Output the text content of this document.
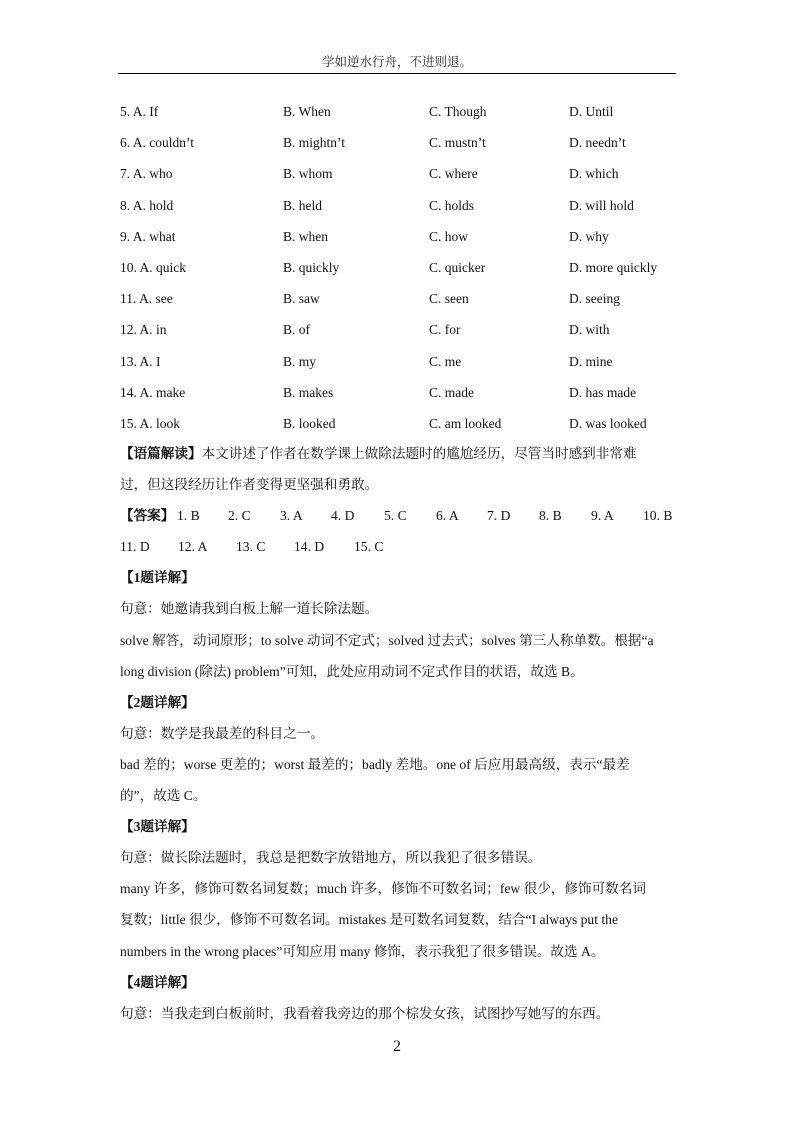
学如逆水行舟，不进则退。
5. A. If	B. When	C. Though	D. Until
6. A. couldn’t	B. mightn’t	C. mustn’t	D. needn’t
7. A. who	B. whom	C. where	D. which
8. A. hold	B. held	C. holds	D. will hold
9. A. what	B. when	C. how	D. why
10. A. quick	B. quickly	C. quicker	D. more quickly
11. A. see	B. saw	C. seen	D. seeing
12. A. in	B. of	C. for	D. with
13. A. I	B. my	C. me	D. mine
14. A. make	B. makes	C. made	D. has made
15. A. look	B. looked	C. am looked	D. was looked
【语篇解读】本文讲述了作者在数学课上做除法题时的尴尬经历，尽管当时感到非常难
过，但这段经历让作者变得更坚强和勇敢。
【答案】 1. B 2. C 3. A 4. D 5. C 6. A 7. D 8. B 9. A 10. B
11. D 12. A 13. C 14. D 15. C
【1题详解】
句意：她邀请我到白板上解一道长除法题。
solve 解答，动词原形；to solve 动词不定式；solved 过去式；solves 第三人称单数。根据“a
long division (除法) problem”可知，此处应用动词不定式作目的状语，故选 B。
【2题详解】
句意：数学是我最差的科目之一。
bad 差的；worse 更差的；worst 最差的；badly 差地。one of 后应用最高级，表示“最差
的”，故选 C。
【3题详解】
句意：做长除法题时，我总是把数字放错地方，所以我犯了很多错误。
many 许多，修饰可数名词复数；much 许多，修饰不可数名词；few 很少，修饰可数名词
复数；little 很少，修饰不可数名词。mistakes 是可数名词复数，结合“I always put the
numbers in the wrong places”可知应用 many 修饰，表示我犯了很多错误。故选 A。
【4题详解】
句意：当我走到白板前时，我看着我旁边的那个棕发女孩，试图抄写她写的东西。
2
